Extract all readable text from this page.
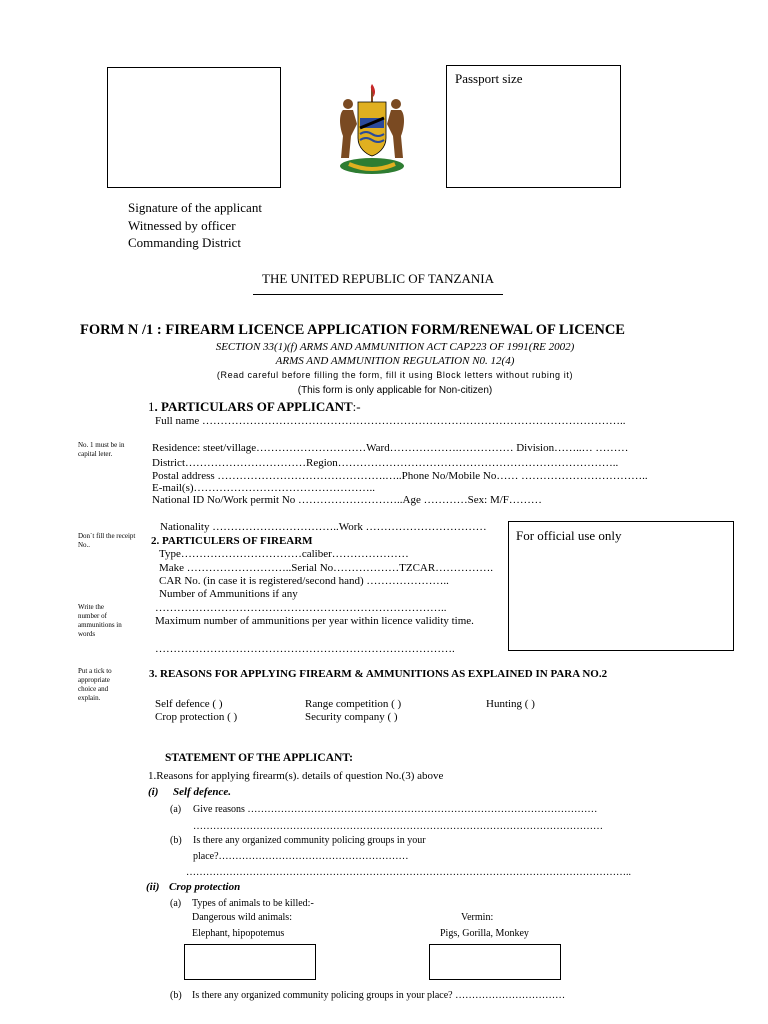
Passport size
Signature of the applicant
Witnessed by officer
Commanding District
THE UNITED REPUBLIC OF TANZANIA
FORM N /1 : FIREARM LICENCE APPLICATION FORM/RENEWAL OF LICENCE
SECTION 33(1)(f) ARMS AND AMMUNITION ACT CAP223 OF 1991(RE 2002)
ARMS AND AMMUNITION REGULATION N0. 12(4)
(Read careful before filling the form, fill it using Block letters without rubing it)
(This form is only applicable for Non-citizen)
No. 1 must be in capital leter.
Don`t fill the receipt No..
Write the number of ammunitions in words
Put a tick to appropriate choice and explain.
1. PARTICULARS OF APPLICANT:-
Full name ……………………………………………………………………………………………………..
Residence: steet/village…………………………Ward……………….…………… Division……..… ………
District……………………………Region…………………………………………………………………..
Postal address ……………………………………….…..Phone No/Mobile No…… ……………………………..
E-mail(s)…………………………………………..
National ID No/Work permit No ………………………..Age …………Sex: M/F………
Nationality ……………………………..Work ……………………………
For official use only
2. PARTICULERS OF FIREARM
Type……………………………caliber…………………
Make ………………………..Serial No………………TZCAR…………….
CAR No. (in case it is registered/second hand) …………………..
Number of Ammunitions if any
……………………………………………………………………..
Maximum number of ammunitions per year within licence validity time.
……………………………………………………………………….
3. REASONS FOR APPLYING FIREARM & AMMUNITIONS AS EXPLAINED IN PARA NO.2
Self defence ( )	Range competition ( )	Hunting ( )
Crop protection ( )	Security company ( )
STATEMENT OF THE APPLICANT:
1.Reasons for applying firearm(s). details of question No.(3) above
(i) Self defence.
(a) Give reasons ……………………………………………………………………………………………
……………………………………………………………………………………………………………
(b) Is there any organized community policing groups in your
place?…………………………………………………
……………………………………………………………………………………………………………………..
(ii) Crop protection
(a) Types of animals to be killed:-
Dangerous wild animals:	Vermin:
Elephant, hipopotemus	Pigs, Gorilla, Monkey
(b) Is there any organized community policing groups in your place? ……………………………
